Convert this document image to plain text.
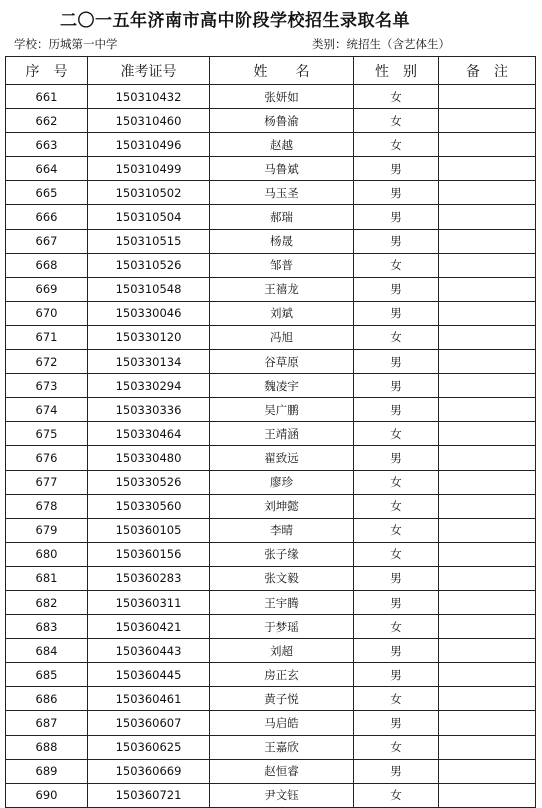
二〇一五年济南市高中阶段学校招生录取名单
学校：历城第一中学	类别：统招生（含艺体生）
序　号	准考证号	姓　　名	性　别	备　注
661	150310432	张妍如	女	
662	150310460	杨鲁渝	女	
663	150310496	赵越	女	
664	150310499	马鲁斌	男	
665	150310502	马玉圣	男	
666	150310504	郝瑞	男	
667	150310515	杨晟	男	
668	150310526	邹普	女	
669	150310548	王禧龙	男	
670	150330046	刘斌	男	
671	150330120	冯旭	女	
672	150330134	谷草原	男	
673	150330294	魏凌宇	男	
674	150330336	吴广鹏	男	
675	150330464	王靖涵	女	
676	150330480	翟致远	男	
677	150330526	廖珍	女	
678	150330560	刘坤懿	女	
679	150360105	李晴	女	
680	150360156	张子缘	女	
681	150360283	张文毅	男	
682	150360311	王宇腾	男	
683	150360421	于梦瑶	女	
684	150360443	刘超	男	
685	150360445	房正玄	男	
686	150360461	黄子悦	女	
687	150360607	马启皓	男	
688	150360625	王嘉欣	女	
689	150360669	赵恒睿	男	
690	150360721	尹文钰	女	
